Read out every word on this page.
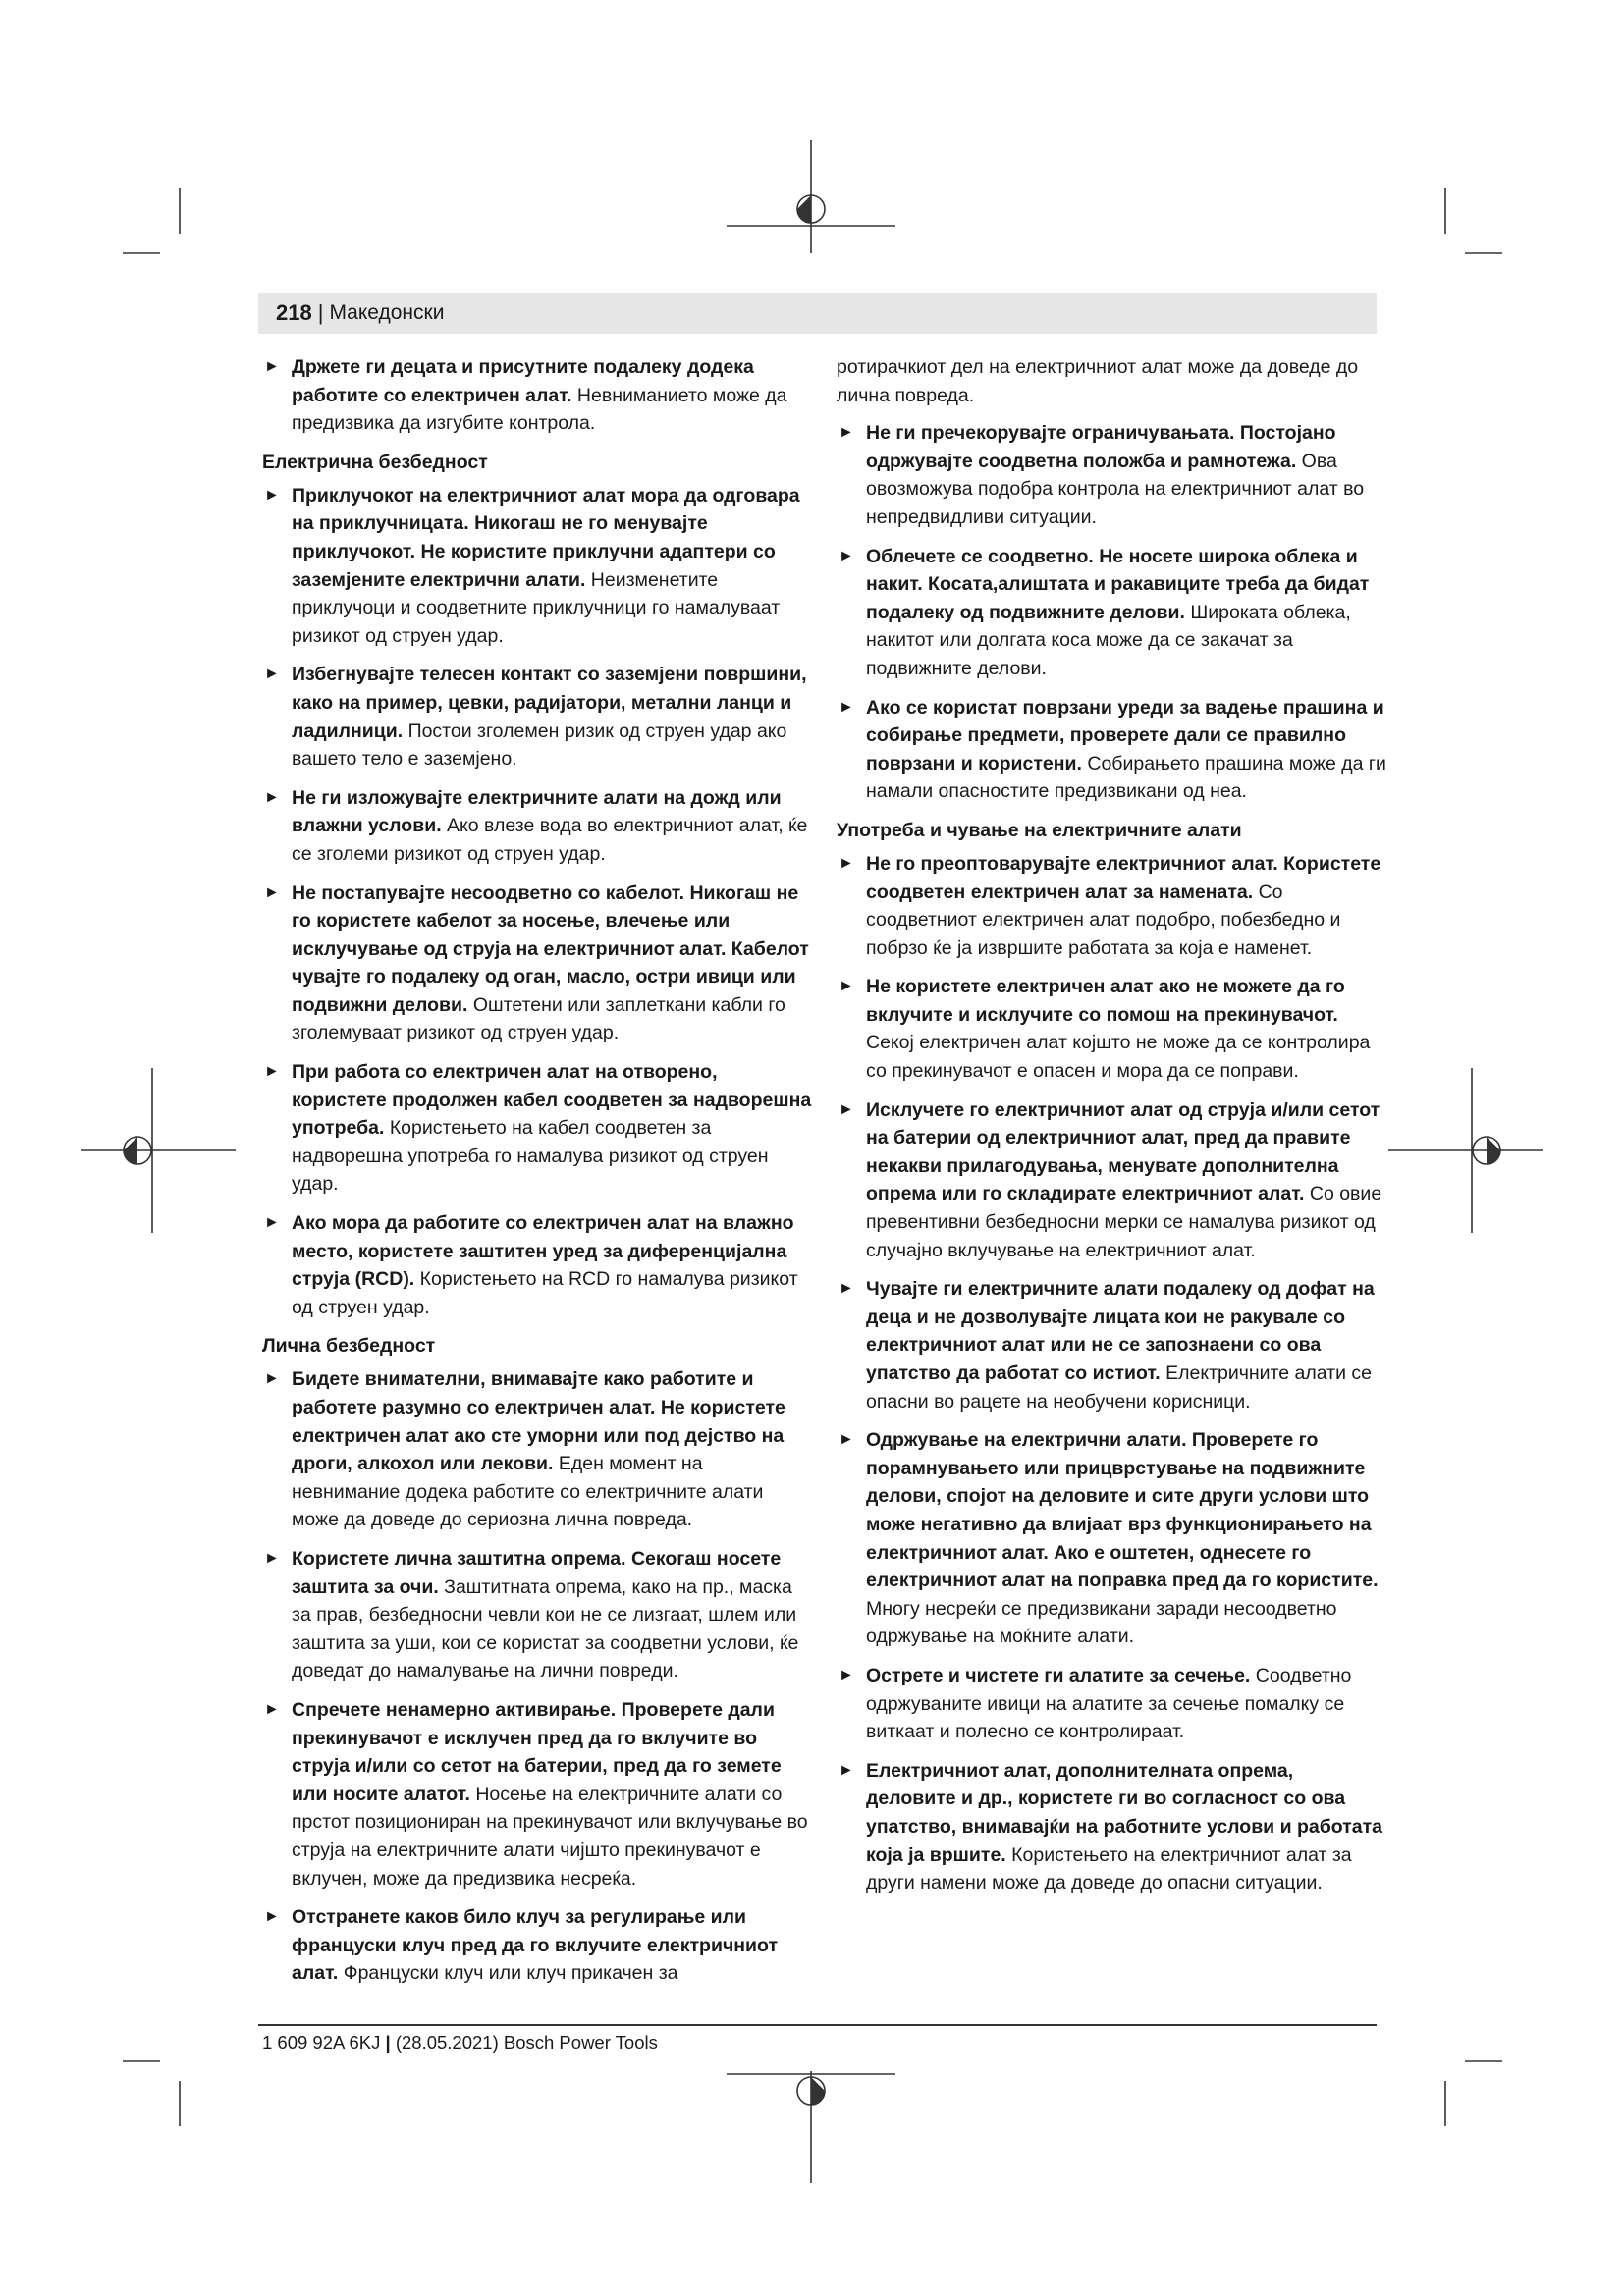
218 | Македонски
► Држете ги децата и присутните подалеку додека работите со електричен алат. Невниманието може да предизвика да изгубите контрола.
Електрична безбедност
► Приклучокот на електричниот алат мора да одговара на приклучницата. Никогаш не го менувајте приклучокот. Не користите приклучни адаптери со заземјените електрични алати. Неизменетите приклучоци и соодветните приклучници го намалуваат ризикот од струен удар.
► Избегнувајте телесен контакт со заземјени површини, како на пример, цевки, радијатори, метални ланци и ладилници. Постои зголемен ризик од струен удар ако вашето тело е заземјено.
► Не ги изложувајте електричните алати на дожд или влажни услови. Ако влезе вода во електричниот алат, ќе се зголеми ризикот од струен удар.
► Не постапувајте несоодветно со кабелот. Никогаш не го користете кабелот за носење, влечење или исклучување од струја на електричниот алат. Кабелот чувајте го подалеку од оган, масло, остри ивици или подвижни делови. Оштетени или заплеткани кабли го зголемуваат ризикот од струен удар.
► При работа со електричен алат на отворено, користете продолжен кабел соодветен за надворешна употреба. Користењето на кабел соодветен за надворешна употреба го намалува ризикот од струен удар.
► Ако мора да работите со електричен алат на влажно место, користете заштитен уред за диференцијална струја (RCD). Користењето на RCD го намалува ризикот од струен удар.
Лична безбедност
► Бидете внимателни, внимавајте како работите и работете разумно со електричен алат. Не користете електричен алат ако сте уморни или под дејство на дроги, алкохол или лекови. Еден момент на невнимание додека работите со електричните алати може да доведе до сериозна лична повреда.
► Користете лична заштитна опрема. Секогаш носете заштита за очи. Заштитната опрема, како на пр., маска за прав, безбедносни чевли кои не се лизгаат, шлем или заштита за уши, кои се користат за соодветни услови, ќе доведат до намалување на лични повреди.
► Спречете ненамерно активирање. Проверете дали прекинувачот е исклучен пред да го вклучите во струја и/или со сетот на батерии, пред да го земете или носите алатот. Носење на електричните алати со прстот позициониран на прекинувачот или вклучување во струја на електричните алати чијшто прекинувачот е вклучен, може да предизвика несреќа.
► Отстранете каков било клуч за регулирање или француски клуч пред да го вклучите електричниот алат. Француски клуч или клуч прикачен за
ротирачкиот дел на електричниот алат може да доведе до лична повреда.
► Не ги пречекорувајте ограничувањата. Постојано одржувајте соодветна положба и рамнотежа. Ова овозможува подобра контрола на електричниот алат во непредвидливи ситуации.
► Облечете се соодветно. Не носете широка облека и накит. Косата,алиштата и ракавиците треба да бидат подалеку од подвижните делови. Широката облека, накитот или долгата коса може да се закачат за подвижните делови.
► Ако се користат поврзани уреди за вадење прашина и собирање предмети, проверете дали се правилно поврзани и користени. Собирањето прашина може да ги намали опасностите предизвикани од неа.
Употреба и чување на електричните алати
► Не го преоптоварувајте електричниот алат. Користете соодветен електричен алат за намената. Со соодветниот електричен алат подобро, побезбедно и побрзо ќе ја извршите работата за која е наменет.
► Не користете електричен алат ако не можете да го вклучите и исклучите со помош на прекинувачот. Секој електричен алат којшто не може да се контролира со прекинувачот е опасен и мора да се поправи.
► Исклучете го електричниот алат од струја и/или сетот на батерии од електричниот алат, пред да правите некакви прилагодувања, менувате дополнителна опрема или го складирате електричниот алат. Со овие превентивни безбедносни мерки се намалува ризикот од случајно вклучување на електричниот алат.
► Чувајте ги електричните алати подалеку од дофат на деца и не дозволувајте лицата кои не ракувале со електричниот алат или не се запознаени со ова упатство да работат со истиот. Електричните алати се опасни во рацете на необучени корисници.
► Одржување на електрични алати. Проверете го порамнувањето или прицврстување на подвижните делови, спојот на деловите и сите други услови што може негативно да влијаат врз функционирањето на електричниот алат. Ако е оштетен, однесете го електричниот алат на поправка пред да го користите. Многу несреќи се предизвикани заради несоодветно одржување на моќните алати.
► Острете и чистете ги алатите за сечење. Соодветно одржуваните ивици на алатите за сечење помалку се виткаат и полесно се контролираат.
► Електричниот алат, дополнителната опрема, деловите и др., користете ги во согласност со ова упатство, внимавајќи на работните услови и работата која ја вршите. Користењето на електричниот алат за други намени може да доведе до опасни ситуации.
1 609 92A 6KJ | (28.05.2021) Bosch Power Tools
